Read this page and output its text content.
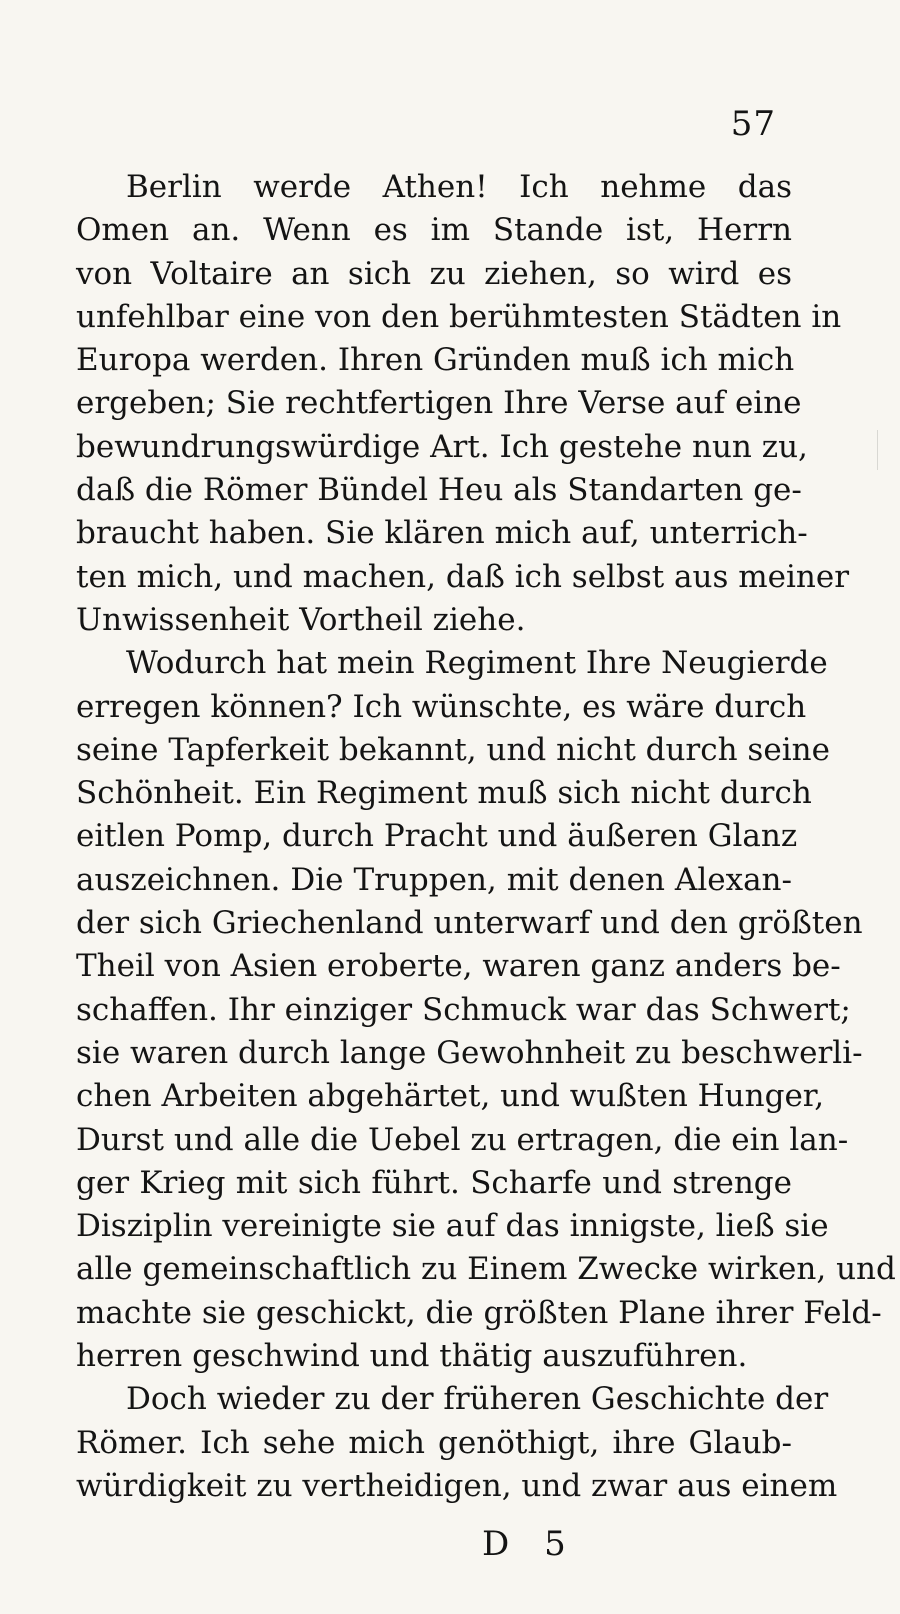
57
Berlin werde Athen! Ich nehme das
Omen an. Wenn es im Stande ist, Herrn
von Voltaire an sich zu ziehen, so wird es
unfehlbar eine von den berühmtesten Städten in
Europa werden. Ihren Gründen muß ich mich
ergeben; Sie rechtfertigen Ihre Verse auf eine
bewundrungswürdige Art. Ich gestehe nun zu,
daß die Römer Bündel Heu als Standarten ge-
braucht haben. Sie klären mich auf, unterrich-
ten mich, und machen, daß ich selbst aus meiner
Unwissenheit Vortheil ziehe.
Wodurch hat mein Regiment Ihre Neugierde
erregen können? Ich wünschte, es wäre durch
seine Tapferkeit bekannt, und nicht durch seine
Schönheit. Ein Regiment muß sich nicht durch
eitlen Pomp, durch Pracht und äußeren Glanz
auszeichnen. Die Truppen, mit denen Alexan-
der sich Griechenland unterwarf und den größten
Theil von Asien eroberte, waren ganz anders be-
schaffen. Ihr einziger Schmuck war das Schwert;
sie waren durch lange Gewohnheit zu beschwerli-
chen Arbeiten abgehärtet, und wußten Hunger,
Durst und alle die Uebel zu ertragen, die ein lan-
ger Krieg mit sich führt. Scharfe und strenge
Disziplin vereinigte sie auf das innigste, ließ sie
alle gemeinschaftlich zu Einem Zwecke wirken, und
machte sie geschickt, die größten Plane ihrer Feld-
herren geschwind und thätig auszuführen.
Doch wieder zu der früheren Geschichte der
Römer. Ich sehe mich genöthigt, ihre Glaub-
würdigkeit zu vertheidigen, und zwar aus einem
D 5
